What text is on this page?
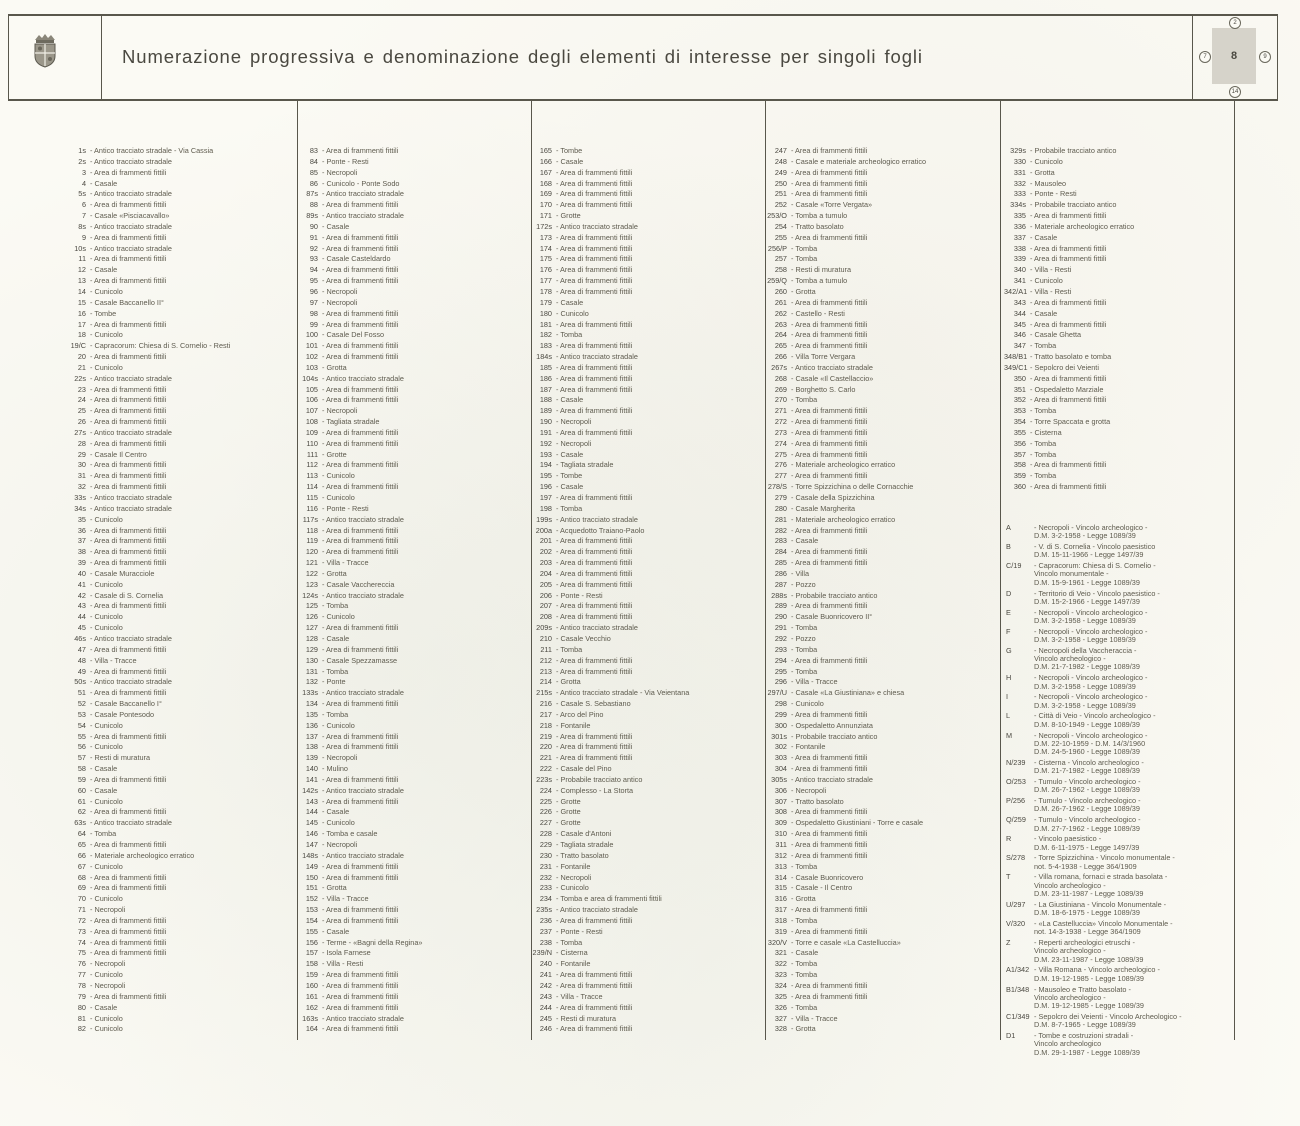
Numerazione progressiva e denominazione degli elementi di interesse per singoli fogli	8
2
7	9
14
1s - Antico tracciato stradale - Via Cassia
2s - Antico tracciato stradale
3 - Area di frammenti fittili
4 - Casale
5s - Antico tracciato stradale
6 - Area di frammenti fittili
7 - Casale «Pisciacavallo»
8s - Antico tracciato stradale
9 - Area di frammenti fittili
10s - Antico tracciato stradale
11 - Area di frammenti fittili
12 - Casale
13 - Area di frammenti fittili
14 - Cunicolo
15 - Casale Baccanello II°
16 - Tombe
17 - Area di frammenti fittili
18 - Cunicolo
19/C - Capracorum: Chiesa di S. Cornelio - Resti
20 - Area di frammenti fittili
21 - Cunicolo
22s - Antico tracciato stradale
23 - Area di frammenti fittili
24 - Area di frammenti fittili
25 - Area di frammenti fittili
26 - Area di frammenti fittili
27s - Antico tracciato stradale
28 - Area di frammenti fittili
29 - Casale Il Centro
30 - Area di frammenti fittili
31 - Area di frammenti fittili
32 - Area di frammenti fittili
33s - Antico tracciato stradale
34s - Antico tracciato stradale
35 - Cunicolo
36 - Area di frammenti fittili
37 - Area di frammenti fittili
38 - Area di frammenti fittili
39 - Area di frammenti fittili
40 - Casale Muracciole
41 - Cunicolo
42 - Casale di S. Cornelia
43 - Area di frammenti fittili
44 - Cunicolo
45 - Cunicolo
46s - Antico tracciato stradale
47 - Area di frammenti fittili
48 - Villa - Tracce
49 - Area di frammenti fittili
50s - Antico tracciato stradale
51 - Area di frammenti fittili
52 - Casale Baccanello I°
53 - Casale Pontesodo
54 - Cunicolo
55 - Area di frammenti fittili
56 - Cunicolo
57 - Resti di muratura
58 - Casale
59 - Area di frammenti fittili
60 - Casale
61 - Cunicolo
62 - Area di frammenti fittili
63s - Antico tracciato stradale
64 - Tomba
65 - Area di frammenti fittili
66 - Materiale archeologico erratico
67 - Cunicolo
68 - Area di frammenti fittili
69 - Area di frammenti fittili
70 - Cunicolo
71 - Necropoli
72 - Area di frammenti fittili
73 - Area di frammenti fittili
74 - Area di frammenti fittili
75 - Area di frammenti fittili
76 - Necropoli
77 - Cunicolo
78 - Necropoli
79 - Area di frammenti fittili
80 - Casale
81 - Cunicolo
82 - Cunicolo
83 - Area di frammenti fittili
84 - Ponte - Resti
85 - Necropoli
86 - Cunicolo - Ponte Sodo
87s - Antico tracciato stradale
88 - Area di frammenti fittili
89s - Antico tracciato stradale
90 - Casale
91 - Area di frammenti fittili
92 - Area di frammenti fittili
93 - Casale Casteldardo
94 - Area di frammenti fittili
95 - Area di frammenti fittili
96 - Necropoli
97 - Necropoli
98 - Area di frammenti fittili
99 - Area di frammenti fittili
100 - Casale Del Fosso
101 - Area di frammenti fittili
102 - Area di frammenti fittili
103 - Grotta
104s - Antico tracciato stradale
105 - Area di frammenti fittili
106 - Area di frammenti fittili
107 - Necropoli
108 - Tagliata stradale
109 - Area di frammenti fittili
110 - Area di frammenti fittili
111 - Grotte
112 - Area di frammenti fittili
113 - Cunicolo
114 - Area di frammenti fittili
115 - Cunicolo
116 - Ponte - Resti
117s - Antico tracciato stradale
118 - Area di frammenti fittili
119 - Area di frammenti fittili
120 - Area di frammenti fittili
121 - Villa - Tracce
122 - Grotta
123 - Casale Vacchereccia
124s - Antico tracciato stradale
125 - Tomba
126 - Cunicolo
127 - Area di frammenti fittili
128 - Casale
129 - Area di frammenti fittili
130 - Casale Spezzamasse
131 - Tomba
132 - Ponte
133s - Antico tracciato stradale
134 - Area di frammenti fittili
135 - Tomba
136 - Cunicolo
137 - Area di frammenti fittili
138 - Area di frammenti fittili
139 - Necropoli
140 - Mulino
141 - Area di frammenti fittili
142s - Antico tracciato stradale
143 - Area di frammenti fittili
144 - Casale
145 - Cunicolo
146 - Tomba e casale
147 - Necropoli
148s - Antico tracciato stradale
149 - Area di frammenti fittili
150 - Area di frammenti fittili
151 - Grotta
152 - Villa - Tracce
153 - Area di frammenti fittili
154 - Area di frammenti fittili
155 - Casale
156 - Terme - «Bagni della Regina»
157 - Isola Farnese
158 - Villa - Resti
159 - Area di frammenti fittili
160 - Area di frammenti fittili
161 - Area di frammenti fittili
162 - Area di frammenti fittili
163s - Antico tracciato stradale
164 - Area di frammenti fittili
165 - Tombe
166 - Casale
167 - Area di frammenti fittili
168 - Area di frammenti fittili
169 - Area di frammenti fittili
170 - Area di frammenti fittili
171 - Grotte
172s - Antico tracciato stradale
173 - Area di frammenti fittili
174 - Area di frammenti fittili
175 - Area di frammenti fittili
176 - Area di frammenti fittili
177 - Area di frammenti fittili
178 - Area di frammenti fittili
179 - Casale
180 - Cunicolo
181 - Area di frammenti fittili
182 - Tomba
183 - Area di frammenti fittili
184s - Antico tracciato stradale
185 - Area di frammenti fittili
186 - Area di frammenti fittili
187 - Area di frammenti fittili
188 - Casale
189 - Area di frammenti fittili
190 - Necropoli
191 - Area di frammenti fittili
192 - Necropoli
193 - Casale
194 - Tagliata stradale
195 - Tombe
196 - Casale
197 - Area di frammenti fittili
198 - Tomba
199s - Antico tracciato stradale
200a - Acquedotto Traiano-Paolo
201 - Area di frammenti fittili
202 - Area di frammenti fittili
203 - Area di frammenti fittili
204 - Area di frammenti fittili
205 - Area di frammenti fittili
206 - Ponte - Resti
207 - Area di frammenti fittili
208 - Area di frammenti fittili
209s - Antico tracciato stradale
210 - Casale Vecchio
211 - Tomba
212 - Area di frammenti fittili
213 - Area di frammenti fittili
214 - Grotta
215s - Antico tracciato stradale - Via Veientana
216 - Casale S. Sebastiano
217 - Arco del Pino
218 - Fontanile
219 - Area di frammenti fittili
220 - Area di frammenti fittili
221 - Area di frammenti fittili
222 - Casale del Pino
223s - Probabile tracciato antico
224 - Complesso - La Storta
225 - Grotte
226 - Grotte
227 - Grotte
228 - Casale d'Antoni
229 - Tagliata stradale
230 - Tratto basolato
231 - Fontanile
232 - Necropoli
233 - Cunicolo
234 - Tomba e area di frammenti fittili
235s - Antico tracciato stradale
236 - Area di frammenti fittili
237 - Ponte - Resti
238 - Tomba
239/N - Cisterna
240 - Fontanile
241 - Area di frammenti fittili
242 - Area di frammenti fittili
243 - Villa - Tracce
244 - Area di frammenti fittili
245 - Resti di muratura
246 - Area di frammenti fittili
247 - Area di frammenti fittili
248 - Casale e materiale archeologico erratico
249 - Area di frammenti fittili
250 - Area di frammenti fittili
251 - Area di frammenti fittili
252 - Casale «Torre Vergata»
253/O - Tomba a tumulo
254 - Tratto basolato
255 - Area di frammenti fittili
256/P - Tomba
257 - Tomba
258 - Resti di muratura
259/Q - Tomba a tumulo
260 - Grotta
261 - Area di frammenti fittili
262 - Castello - Resti
263 - Area di frammenti fittili
264 - Area di frammenti fittili
265 - Area di frammenti fittili
266 - Villa Torre Vergara
267s - Antico tracciato stradale
268 - Casale «Il Castellaccio»
269 - Borghetto S. Carlo
270 - Tomba
271 - Area di frammenti fittili
272 - Area di frammenti fittili
273 - Area di frammenti fittili
274 - Area di frammenti fittili
275 - Area di frammenti fittili
276 - Materiale archeologico erratico
277 - Area di frammenti fittili
278/S - Torre Spizzichina o delle Cornacchie
279 - Casale della Spizzichina
280 - Casale Margherita
281 - Materiale archeologico erratico
282 - Area di frammenti fittili
283 - Casale
284 - Area di frammenti fittili
285 - Area di frammenti fittili
286 - Villa
287 - Pozzo
288s - Probabile tracciato antico
289 - Area di frammenti fittili
290 - Casale Buonricovero II°
291 - Tomba
292 - Pozzo
293 - Tomba
294 - Area di frammenti fittili
295 - Tomba
296 - Villa - Tracce
297/U - Casale «La Giustiniana» e chiesa
298 - Cunicolo
299 - Area di frammenti fittili
300 - Ospedaletto Annunziata
301s - Probabile tracciato antico
302 - Fontanile
303 - Area di frammenti fittili
304 - Area di frammenti fittili
305s - Antico tracciato stradale
306 - Necropoli
307 - Tratto basolato
308 - Area di frammenti fittili
309 - Ospedaletto Giustiniani - Torre e casale
310 - Area di frammenti fittili
311 - Area di frammenti fittili
312 - Area di frammenti fittili
313 - Tomba
314 - Casale Buonricovero
315 - Casale - Il Centro
316 - Grotta
317 - Area di frammenti fittili
318 - Tomba
319 - Area di frammenti fittili
320/V - Torre e casale «La Castelluccia»
321 - Casale
322 - Tomba
323 - Tomba
324 - Area di frammenti fittili
325 - Area di frammenti fittili
326 - Tomba
327 - Villa - Tracce
328 - Grotta
329s - Probabile tracciato antico
330 - Cunicolo
331 - Grotta
332 - Mausoleo
333 - Ponte - Resti
334s - Probabile tracciato antico
335 - Area di frammenti fittili
336 - Materiale archeologico erratico
337 - Casale
338 - Area di frammenti fittili
339 - Area di frammenti fittili
340 - Villa - Resti
341 - Cunicolo
342/A1 - Villa - Resti
343 - Area di frammenti fittili
344 - Casale
345 - Area di frammenti fittili
346 - Casale Ghetta
347 - Tomba
348/B1 - Tratto basolato e tomba
349/C1 - Sepolcro dei Veienti
350 - Area di frammenti fittili
351 - Ospedaletto Marziale
352 - Area di frammenti fittili
353 - Tomba
354 - Torre Spaccata e grotta
355 - Cisterna
356 - Tomba
357 - Tomba
358 - Area di frammenti fittili
359 - Tomba
360 - Area di frammenti fittili
A	- Necropoli - Vincolo archeologico -
D.M. 3-2-1958 - Legge 1089/39
B	- V. di S. Cornelia - Vincolo paesistico
D.M. 15-11-1966 - Legge 1497/39
C/19	- Capracorum: Chiesa di S. Cornelio -
Vincolo monumentale -
D.M. 15-9-1961 - Legge 1089/39
D	- Territorio di Veio - Vincolo paesistico -
D.M. 15-2-1966 - Legge 1497/39
E	- Necropoli - Vincolo archeologico -
D.M. 3-2-1958 - Legge 1089/39
F	- Necropoli - Vincolo archeologico -
D.M. 3-2-1958 - Legge 1089/39
G	- Necropoli della Vaccheraccia -
Vincolo archeologico -
D.M. 21-7-1982 - Legge 1089/39
H	- Necropoli - Vincolo archeologico -
D.M. 3-2-1958 - Legge 1089/39
I	- Necropoli - Vincolo archeologico -
D.M. 3-2-1958 - Legge 1089/39
L	- Città di Veio - Vincolo archeologico -
D.M. 8-10-1949 - Legge 1089/39
M	- Necropoli - Vincolo archeologico -
D.M. 22-10-1959 - D.M. 14/3/1960
D.M. 24-5-1960 - Legge 1089/39
N/239	- Cisterna - Vincolo archeologico -
D.M. 21-7-1982 - Legge 1089/39
O/253	- Tumulo - Vincolo archeologico -
D.M. 26-7-1962 - Legge 1089/39
P/256	- Tumulo - Vincolo archeologico -
D.M. 26-7-1962 - Legge 1089/39
Q/259	- Tumulo - Vincolo archeologico -
D.M. 27-7-1962 - Legge 1089/39
R	- Vincolo paesistico -
D.M. 6-11-1975 - Legge 1497/39
S/278	- Torre Spizzichina - Vincolo monumentale -
not. 5-4-1938 - Legge 364/1909
T	- Villa romana, fornaci e strada basolata -
Vincolo archeologico -
D.M. 23-11-1987 - Legge 1089/39
U/297	- La Giustiniana - Vincolo Monumentale -
D.M. 18-6-1975 - Legge 1089/39
V/320	- «La Castelluccia» Vincolo Monumentale -
not. 14-3-1938 - Legge 364/1909
Z	- Reperti archeologici etruschi -
Vincolo archeologico -
D.M. 23-11-1987 - Legge 1089/39
A1/342 - Villa Romana - Vincolo archeologico -
D.M. 19-12-1985 - Legge 1089/39
B1/348 - Mausoleo e Tratto basolato -
Vincolo archeologico -
D.M. 19-12-1985 - Legge 1089/39
C1/349 - Sepolcro dei Veienti - Vincolo Archeologico -
D.M. 8-7-1965 - Legge 1089/39
D1	- Tombe e costruzioni stradali -
Vincolo archeologico
D.M. 29-1-1987 - Legge 1089/39
